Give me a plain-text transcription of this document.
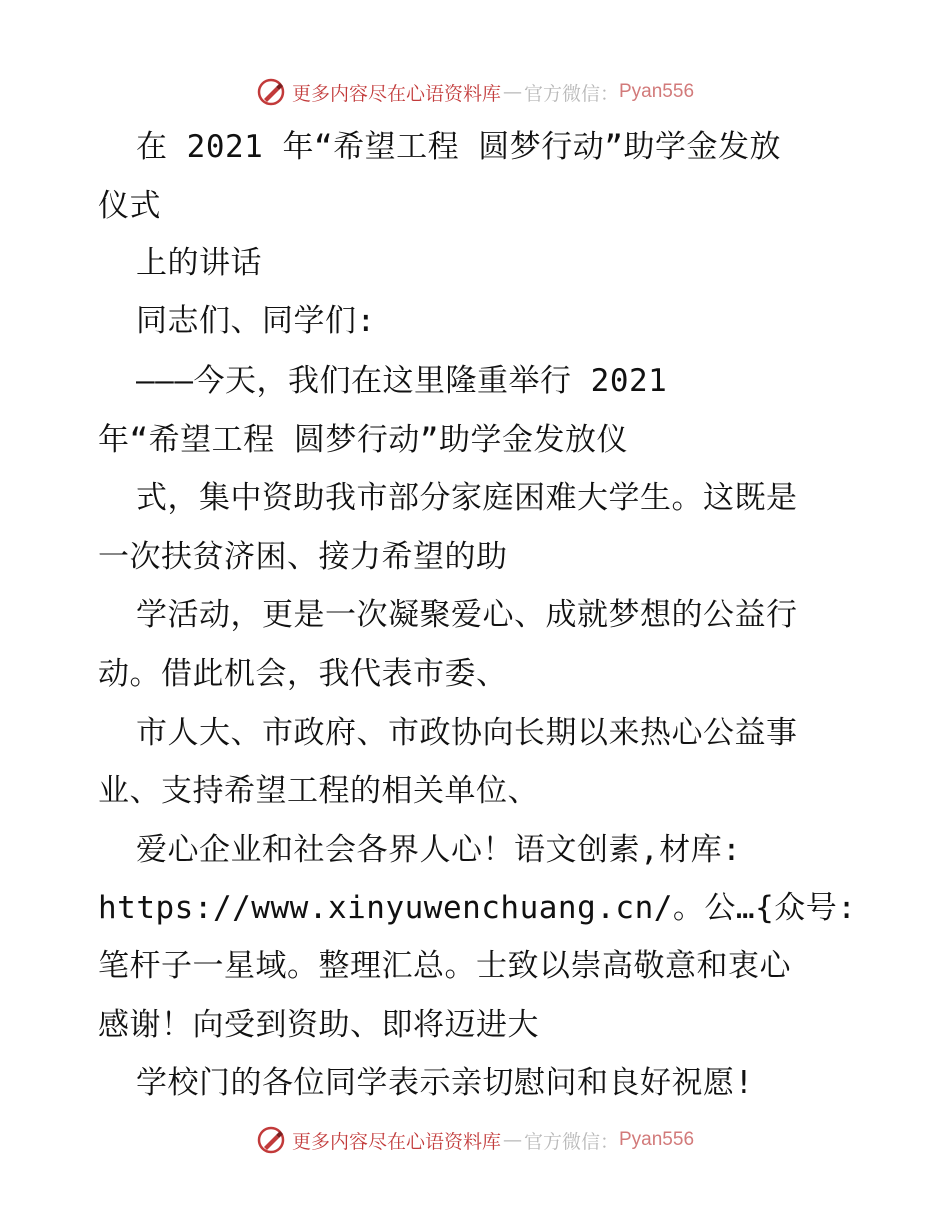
更多内容尽在心语资料库 — 官方微信： Pyan556
在 2021 年“希望工程 圆梦行动”助学金发放
仪式
上的讲话
同志们、同学们:
———今天，我们在这里隆重举行 2021
年“希望工程 圆梦行动”助学金发放仪
式，集中资助我市部分家庭困难大学生。这既是
一次扶贫济困、接力希望的助
学活动，更是一次凝聚爱心、成就梦想的公益行
动。借此机会，我代表市委、
市人大、市政府、市政协向长期以来热心公益事
业、支持希望工程的相关单位、
爱心企业和社会各界人心！语文创素,材库:
https://www.xinyuwenchuang.cn/。公…{众号:
笔杆子一星域。整理汇总。士致以崇高敬意和衷心
感谢！向受到资助、即将迈进大
学校门的各位同学表示亲切慰问和良好祝愿!
更多内容尽在心语资料库 — 官方微信： Pyan556
